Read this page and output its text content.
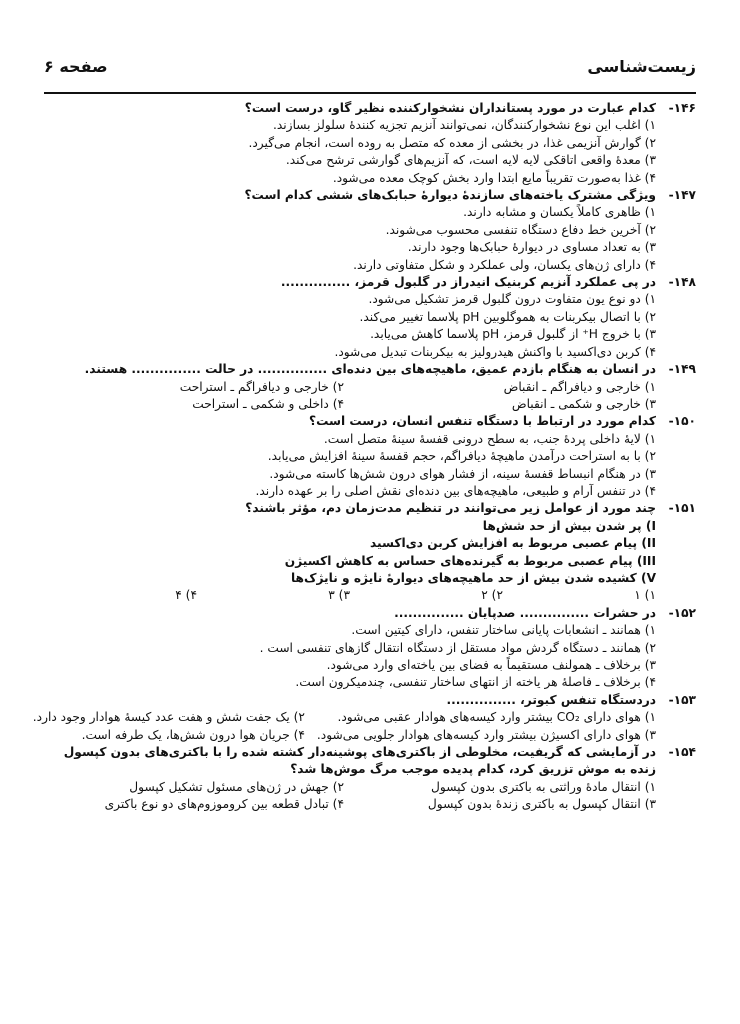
زیست‌شناسی
صفحه ۶
۱۴۶-
کدام عبارت در مورد پستانداران نشخوارکننده نظیر گاو، درست است؟
۱) اغلب این نوع نشخوارکنندگان، نمی‌توانند آنزیم تجزیه کنندهٔ سلولز بسازند.
۲) گوارش آنزیمی غذا، در بخشی از معده که متصل به روده است، انجام می‌گیرد.
۳) معدهٔ واقعی اتاقکی لایه لایه است، که آنزیم‌های گوارشی ترشح می‌کند.
۴) غذا به‌صورت تقریباً مایع ابتدا وارد بخش کوچک معده می‌شود.
۱۴۷-
ویژگی مشترک یاخته‌های سازندهٔ دیوارهٔ حبابک‌های ششی کدام است؟
۱) ظاهری کاملاً یکسان و مشابه دارند.
۲) آخرین خط دفاع دستگاه تنفسی محسوب می‌شوند.
۳) به تعداد مساوی در دیوارهٔ حبابک‌ها وجود دارند.
۴) دارای ژن‌های یکسان، ولی عملکرد و شکل متفاوتی دارند.
۱۴۸-
در پی عملکرد آنزیم کربنیک انیدراز در گلبول قرمز، ...............
۱) دو نوع یون متفاوت درون گلبول قرمز تشکیل می‌شود.
۲) با اتصال بیکربنات به هموگلوبین pH پلاسما تغییر می‌کند.
۳) با خروج H⁺ از گلبول قرمز، pH پلاسما کاهش می‌یابد.
۴) کربن دی‌اکسید با واکنش هیدرولیز به بیکربنات تبدیل می‌شود.
۱۴۹-
در انسان به هنگام بازدم عمیق، ماهیچه‌های بین دنده‌ای ............... در حالت ............... هستند.
۱) خارجی و دیافراگم ـ انقباض
۲) خارجی و دیافراگم ـ استراحت
۳) خارجی و شکمی ـ انقباض
۴) داخلی و شکمی ـ استراحت
۱۵۰-
کدام مورد در ارتباط با دستگاه تنفس انسان، درست است؟
۱) لایهٔ داخلی پردهٔ جنب، به سطح درونی قفسهٔ سینهٔ متصل است.
۲) با به استراحت درآمدن ماهیچهٔ دیافراگم، حجم قفسهٔ سینهٔ افزایش می‌یابد.
۳) در هنگام انبساط قفسهٔ سینه، از فشار هوای درون شش‌ها کاسته می‌شود.
۴) در تنفس آرام و طبیعی، ماهیچه‌های بین دنده‌ای نقش اصلی را بر عهده دارند.
۱۵۱-
چند مورد از عوامل زیر می‌توانند در تنظیم مدت‌زمان دم، مؤثر باشند؟
I) پر شدن بیش از حد شش‌ها
II) پیام عصبی مربوط به افزایش کربن دی‌اکسید
III) پیام عصبی مربوط به گیرنده‌های حساس به کاهش اکسیژن
V) کشیده شدن بیش از حد ماهیچه‌های دیوارهٔ نایژه و نایژک‌ها
۱) ۱
۲) ۲
۳) ۳
۴) ۴
۱۵۲-
در حشرات ............... صدپایان ...............
۱) همانند ـ انشعابات پایانی ساختار تنفس، دارای کیتین است.
۲) همانند ـ دستگاه گردش مواد مستقل از دستگاه انتقال گازهای تنفسی است .
۳) برخلاف ـ همولنف مستقیماً به فضای بین یاخته‌ای وارد می‌شود.
۴) برخلاف ـ فاصلهٔ هر یاخته از انتهای ساختار تنفسی، چندمیکرون است.
۱۵۳-
دردستگاه تنفس کبوتر، ...............
۱) هوای دارای CO₂ بیشتر وارد کیسه‌های هوادار عقبی می‌شود.
۲) یک جفت شش و هفت عدد کیسهٔ هوادار وجود دارد.
۳) هوای دارای اکسیژن بیشتر وارد کیسه‌های هوادار جلویی می‌شود.
۴) جریان هوا درون شش‌ها، یک طرفه است.
۱۵۴-
در آزمایشی که گریفیت، مخلوطی از باکتری‌های پوشینه‌دار کشته شده را با باکتری‌های بدون کپسول زنده به موش تزریق کرد، کدام پدیده موجب مرگ موش‌ها شد؟
۱) انتقال مادهٔ وراثتی به باکتری بدون کپسول
۲) جهش در ژن‌های مسئول تشکیل کپسول
۳) انتقال کپسول به باکتری زندهٔ بدون کپسول
۴) تبادل قطعه بین کروموزوم‌های دو نوع باکتری
